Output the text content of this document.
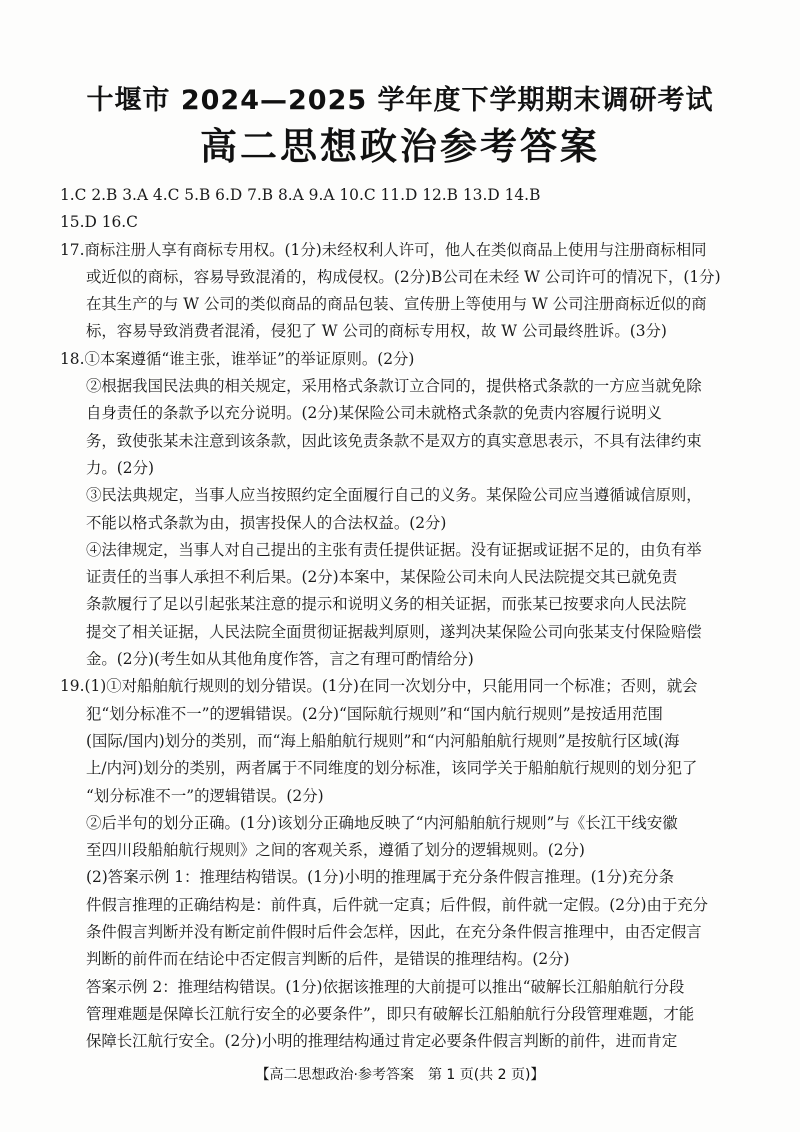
十堰市 2024—2025 学年度下学期期末调研考试
高二思想政治参考答案
1.C 2.B 3.A 4.C 5.B 6.D 7.B 8.A 9.A 10.C 11.D 12.B 13.D 14.B
15.D 16.C
17.商标注册人享有商标专用权。(1分)未经权利人许可，他人在类似商品上使用与注册商标相同
或近似的商标，容易导致混淆的，构成侵权。(2分)B公司在未经 W 公司许可的情况下，(1分)
在其生产的与 W 公司的类似商品的商品包装、宣传册上等使用与 W 公司注册商标近似的商
标，容易导致消费者混淆，侵犯了 W 公司的商标专用权，故 W 公司最终胜诉。(3分)
18.①本案遵循“谁主张，谁举证”的举证原则。(2分)
②根据我国民法典的相关规定，采用格式条款订立合同的，提供格式条款的一方应当就免除
自身责任的条款予以充分说明。(2分)某保险公司未就格式条款的免责内容履行说明义
务，致使张某未注意到该条款，因此该免责条款不是双方的真实意思表示，不具有法律约束
力。(2分)
③民法典规定，当事人应当按照约定全面履行自己的义务。某保险公司应当遵循诚信原则，
不能以格式条款为由，损害投保人的合法权益。(2分)
④法律规定，当事人对自己提出的主张有责任提供证据。没有证据或证据不足的，由负有举
证责任的当事人承担不利后果。(2分)本案中，某保险公司未向人民法院提交其已就免责
条款履行了足以引起张某注意的提示和说明义务的相关证据，而张某已按要求向人民法院
提交了相关证据，人民法院全面贯彻证据裁判原则，遂判决某保险公司向张某支付保险赔偿
金。(2分)(考生如从其他角度作答，言之有理可酌情给分)
19.(1)①对船舶航行规则的划分错误。(1分)在同一次划分中，只能用同一个标准；否则，就会
犯“划分标准不一”的逻辑错误。(2分)“国际航行规则”和“国内航行规则”是按适用范围
(国际/国内)划分的类别，而“海上船舶航行规则”和“内河船舶航行规则”是按航行区域(海
上/内河)划分的类别，两者属于不同维度的划分标准，该同学关于船舶航行规则的划分犯了
“划分标准不一”的逻辑错误。(2分)
②后半句的划分正确。(1分)该划分正确地反映了“内河船舶航行规则”与《长江干线安徽
至四川段船舶航行规则》之间的客观关系，遵循了划分的逻辑规则。(2分)
(2)答案示例 1：推理结构错误。(1分)小明的推理属于充分条件假言推理。(1分)充分条
件假言推理的正确结构是：前件真，后件就一定真；后件假，前件就一定假。(2分)由于充分
条件假言判断并没有断定前件假时后件会怎样，因此，在充分条件假言推理中，由否定假言
判断的前件而在结论中否定假言判断的后件，是错误的推理结构。(2分)
答案示例 2：推理结构错误。(1分)依据该推理的大前提可以推出“破解长江船舶航行分段
管理难题是保障长江航行安全的必要条件”，即只有破解长江船舶航行分段管理难题，才能
保障长江航行安全。(2分)小明的推理结构通过肯定必要条件假言判断的前件，进而肯定
【高二思想政治·参考答案　第 1 页(共 2 页)】
